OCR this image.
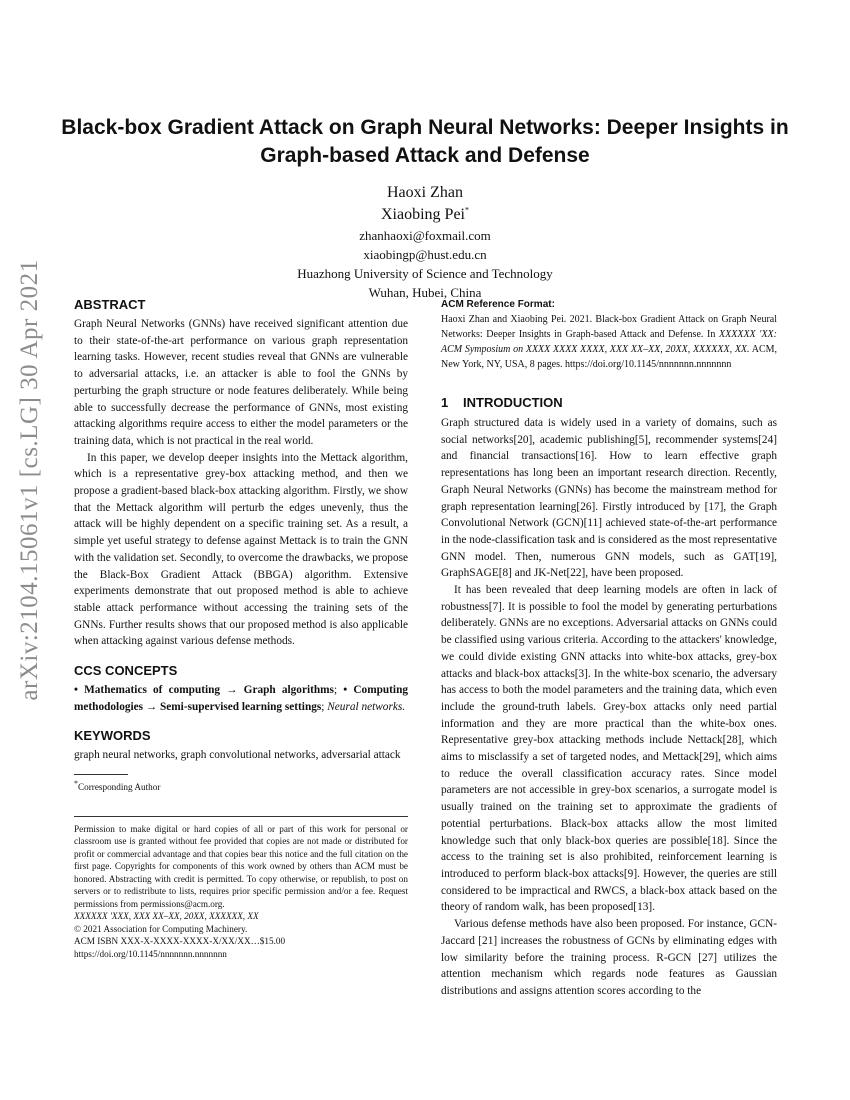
arXiv:2104.15061v1 [cs.LG] 30 Apr 2021
Black-box Gradient Attack on Graph Neural Networks: Deeper Insights in Graph-based Attack and Defense
Haoxi Zhan
Xiaobing Pei*
zhanhaoxi@foxmail.com
xiaobingp@hust.edu.cn
Huazhong University of Science and Technology
Wuhan, Hubei, China
ABSTRACT

Graph Neural Networks (GNNs) have received significant attention due to their state-of-the-art performance on various graph representation learning tasks. However, recent studies reveal that GNNs are vulnerable to adversarial attacks, i.e. an attacker is able to fool the GNNs by perturbing the graph structure or node features deliberately. While being able to successfully decrease the performance of GNNs, most existing attacking algorithms require access to either the model parameters or the training data, which is not practical in the real world.

In this paper, we develop deeper insights into the Mettack algorithm, which is a representative grey-box attacking method, and then we propose a gradient-based black-box attacking algorithm. Firstly, we show that the Mettack algorithm will perturb the edges unevenly, thus the attack will be highly dependent on a specific training set. As a result, a simple yet useful strategy to defense against Mettack is to train the GNN with the validation set. Secondly, to overcome the drawbacks, we propose the Black-Box Gradient Attack (BBGA) algorithm. Extensive experiments demonstrate that out proposed method is able to achieve stable attack performance without accessing the training sets of the GNNs. Further results shows that our proposed method is also applicable when attacking against various defense methods.

CCS CONCEPTS

• Mathematics of computing → Graph algorithms; • Computing methodologies → Semi-supervised learning settings; Neural networks.

KEYWORDS

graph neural networks, graph convolutional networks, adversarial attack

*Corresponding Author
Permission to make digital or hard copies of all or part of this work for personal or classroom use is granted without fee provided that copies are not made or distributed for profit or commercial advantage and that copies bear this notice and the full citation on the first page. Copyrights for components of this work owned by others than ACM must be honored. Abstracting with credit is permitted. To copy otherwise, or republish, to post on servers or to redistribute to lists, requires prior specific permission and/or a fee. Request permissions from permissions@acm.org.
XXXXXX 'XXX, XXX XX–XX, 20XX, XXXXXX, XX
© 2021 Association for Computing Machinery.
ACM ISBN XXX-X-XXXX-XXXX-X/XX/XX…$15.00
https://doi.org/10.1145/nnnnnnn.nnnnnnn
ACM Reference Format:
Haoxi Zhan and Xiaobing Pei. 2021. Black-box Gradient Attack on Graph Neural Networks: Deeper Insights in Graph-based Attack and Defense. In XXXXXX 'XX: ACM Symposium on XXXX XXXX XXXX, XXX XX–XX, 20XX, XXXXXX, XX. ACM, New York, NY, USA, 8 pages. https://doi.org/10.1145/nnnnnnn.nnnnnnn
1 INTRODUCTION

Graph structured data is widely used in a variety of domains, such as social networks[20], academic publishing[5], recommender systems[24] and financial transactions[16]. How to learn effective graph representations has long been an important research direction. Recently, Graph Neural Networks (GNNs) has become the mainstream method for graph representation learning[26]. Firstly introduced by [17], the Graph Convolutional Network (GCN)[11] achieved state-of-the-art performance in the node-classification task and is considered as the most representative GNN model. Then, numerous GNN models, such as GAT[19], GraphSAGE[8] and JK-Net[22], have been proposed.

It has been revealed that deep learning models are often in lack of robustness[7]. It is possible to fool the model by generating perturbations deliberately. GNNs are no exceptions. Adversarial attacks on GNNs could be classified using various criteria. According to the attackers' knowledge, we could divide existing GNN attacks into white-box attacks, grey-box attacks and black-box attacks[3]. In the white-box scenario, the adversary has access to both the model parameters and the training data, which even include the ground-truth labels. Grey-box attacks only need partial information and they are more practical than the white-box ones. Representative grey-box attacking methods include Nettack[28], which aims to misclassify a set of targeted nodes, and Mettack[29], which aims to reduce the overall classification accuracy rates. Since model parameters are not accessible in grey-box scenarios, a surrogate model is usually trained on the training set to approximate the gradients of potential perturbations. Black-box attacks allow the most limited knowledge such that only black-box queries are possible[18]. Since the access to the training set is also prohibited, reinforcement learning is introduced to perform black-box attacks[9]. However, the queries are still considered to be impractical and RWCS, a black-box attack based on the theory of random walk, has been proposed[13].

Various defense methods have also been proposed. For instance, GCN-Jaccard [21] increases the robustness of GCNs by eliminating edges with low similarity before the training process. R-GCN [27] utilizes the attention mechanism which regards node features as Gaussian distributions and assigns attention scores according to the
